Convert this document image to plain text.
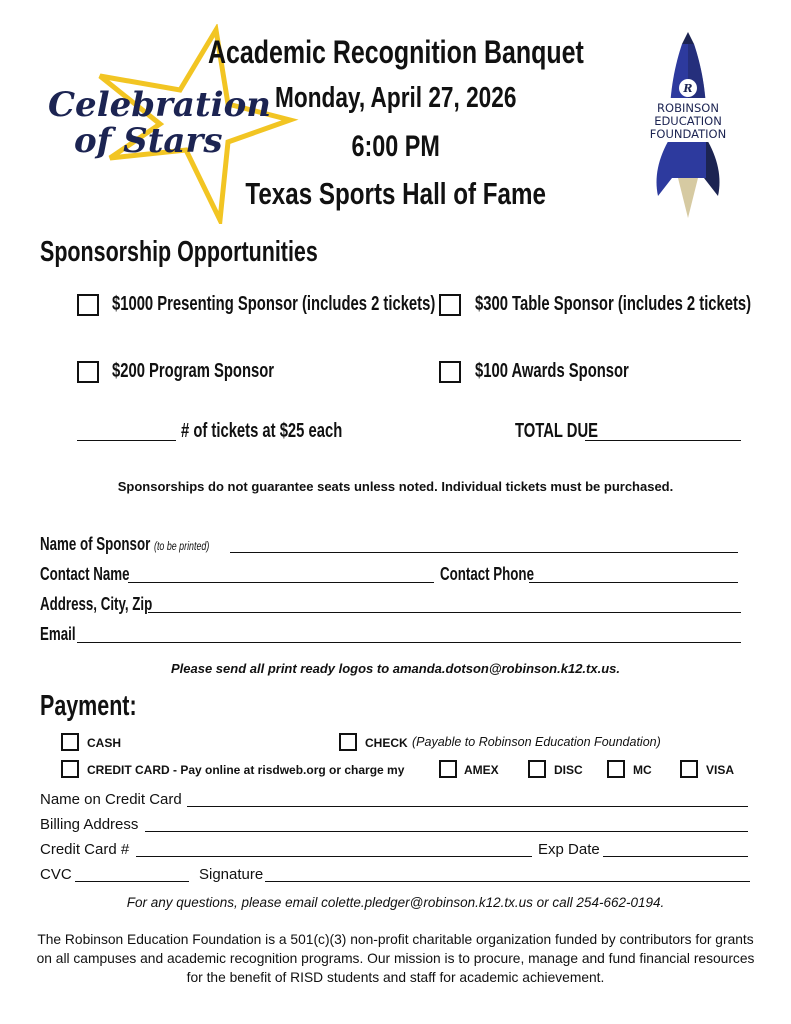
Celebration
of Stars
Academic Recognition Banquet
Monday, April 27, 2026
6:00 PM
Texas Sports Hall of Fame
R
ROBINSON
EDUCATION
FOUNDATION
Sponsorship Opportunities
$1000 Presenting Sponsor (includes 2 tickets) $300 Table Sponsor (includes 2 tickets)
$200 Program Sponsor	$100 Awards Sponsor
# of tickets at $25 each	TOTAL DUE
Sponsorships do not guarantee seats unless noted. Individual tickets must be purchased.
Name of Sponsor (to be printed)
Contact Name	Contact Phone
Address, City, Zip
Email
Please send all print ready logos to amanda.dotson@robinson.k12.tx.us.
Payment:
CASH	CHECK (Payable to Robinson Education Foundation)
CREDIT CARD - Pay online at risdweb.org or charge my	AMEX	DISC	MC	VISA
Name on Credit Card
Billing Address
Credit Card #	Exp Date
CVC	Signature
For any questions, please email colette.pledger@robinson.k12.tx.us or call 254-662-0194.
The Robinson Education Foundation is a 501(c)(3) non-profit charitable organization funded by contributors for grants on all campuses and academic recognition programs. Our mission is to procure, manage and fund financial resources for the benefit of RISD students and staff for academic achievement.
